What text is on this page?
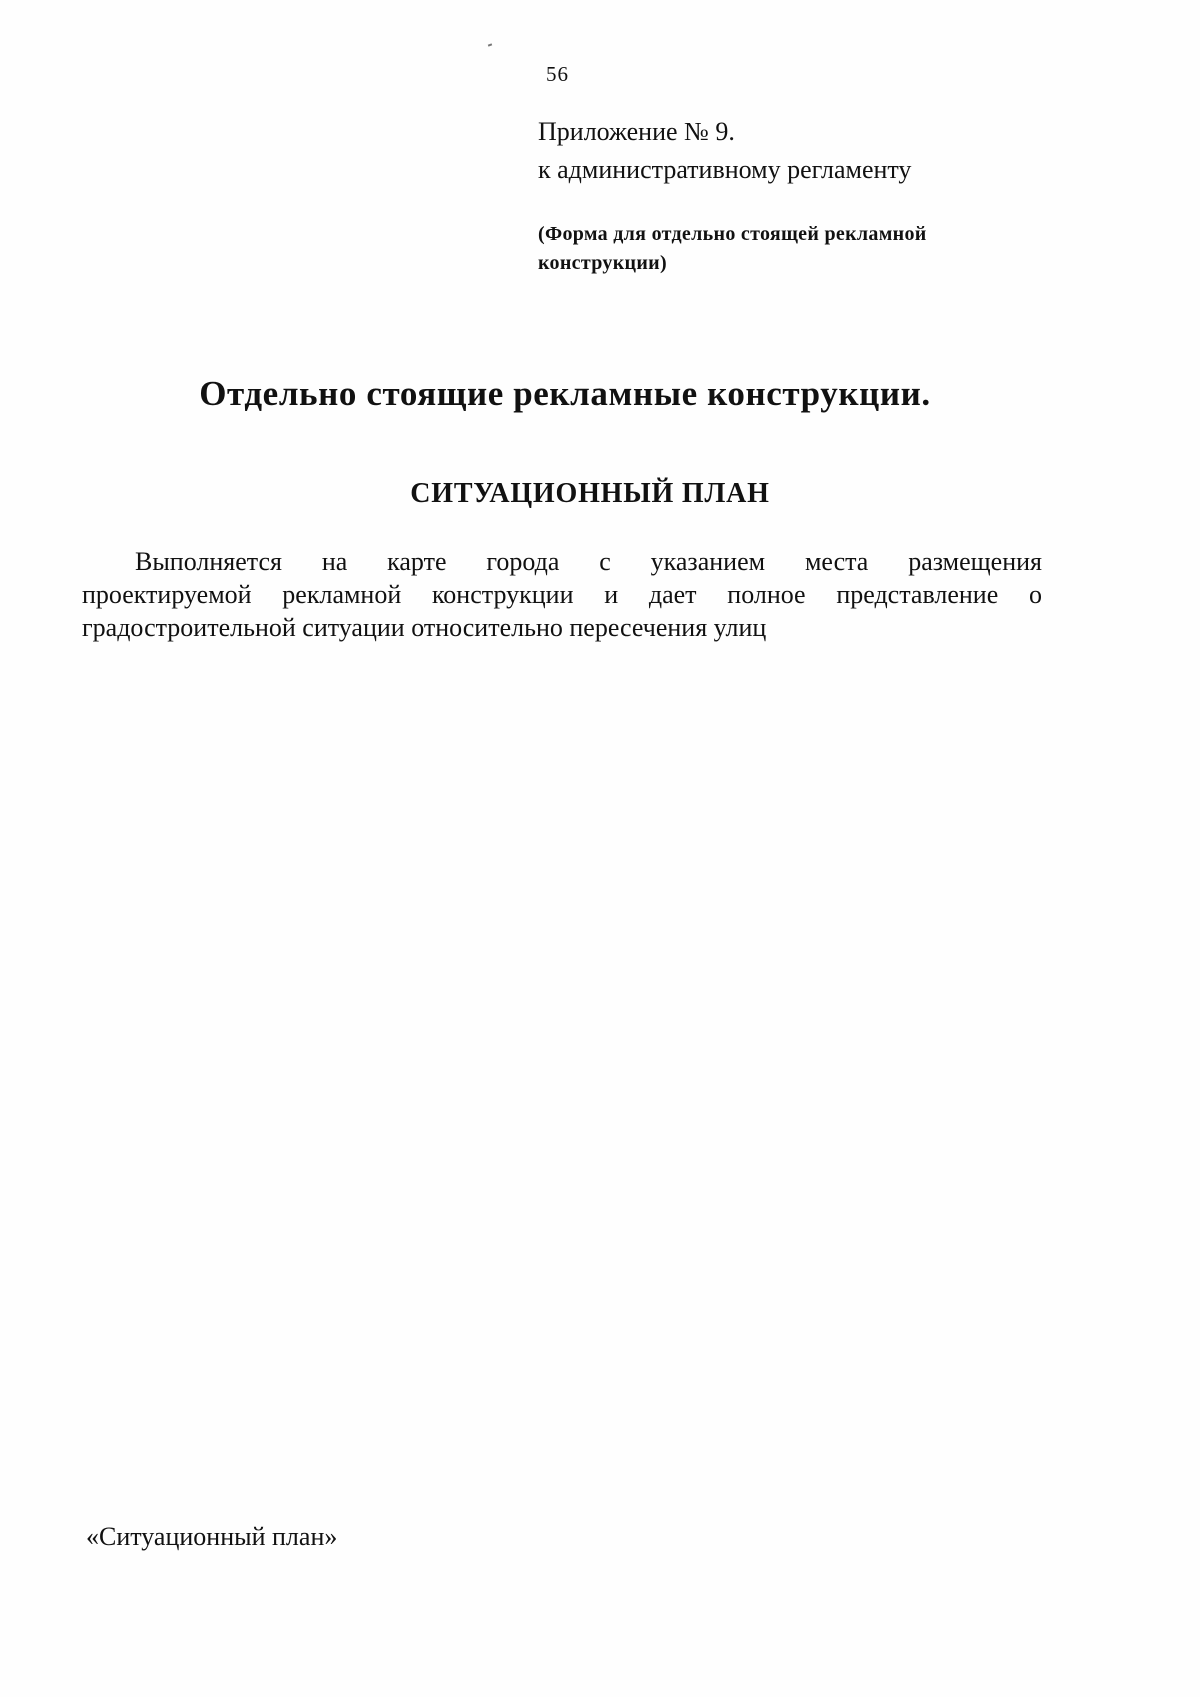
56
Приложение № 9.
к административному регламенту
(Форма для отдельно стоящей рекламной
конструкции)
Отдельно стоящие рекламные конструкции.
СИТУАЦИОННЫЙ ПЛАН
Выполняется на карте города с указанием места размещения
проектируемой рекламной конструкции и дает полное представление о
градостроительной ситуации относительно пересечения улиц
«Ситуационный план»
